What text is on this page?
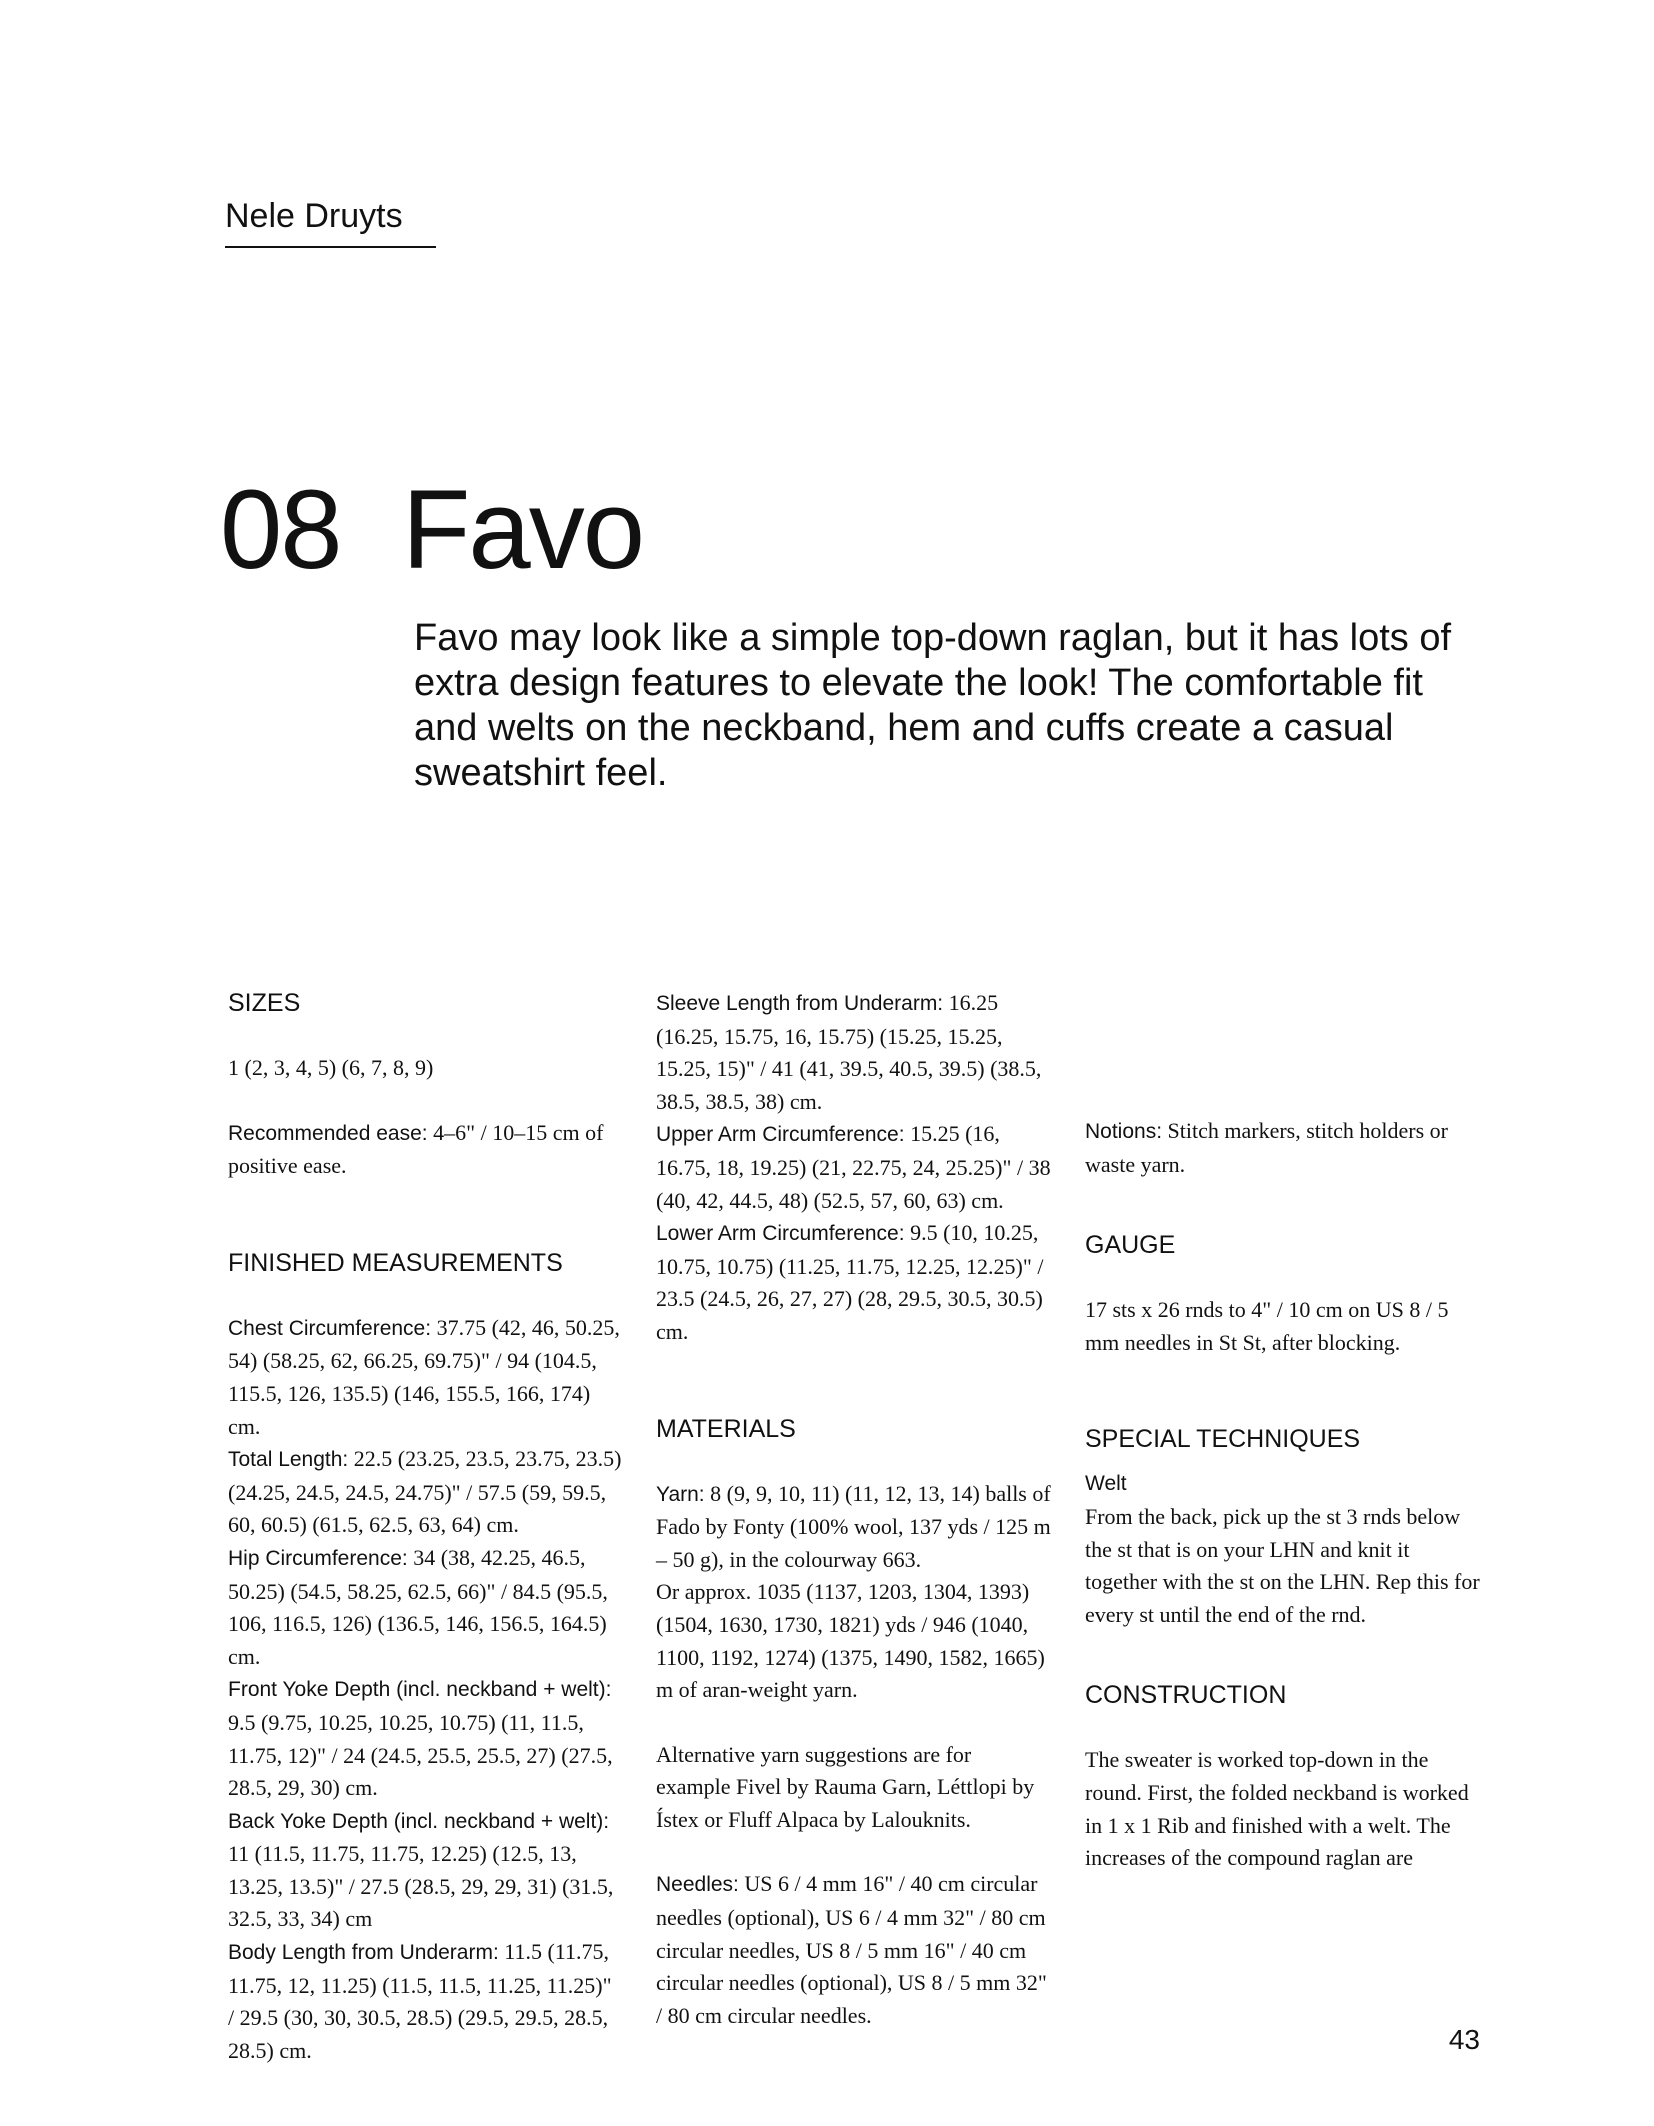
Nele Druyts
08 Favo

Favo may look like a simple top-down raglan, but it has lots of extra design features to elevate the look! The comfortable fit and welts on the neckband, hem and cuffs create a casual sweatshirt feel.

SIZES

1 (2, 3, 4, 5) (6, 7, 8, 9)

Recommended ease: 4–6" / 10–15 cm of positive ease.

FINISHED MEASUREMENTS

Chest Circumference: 37.75 (42, 46, 50.25, 54) (58.25, 62, 66.25, 69.75)" / 94 (104.5, 115.5, 126, 135.5) (146, 155.5, 166, 174) cm.

Total Length: 22.5 (23.25, 23.5, 23.75, 23.5) (24.25, 24.5, 24.5, 24.75)" / 57.5 (59, 59.5, 60, 60.5) (61.5, 62.5, 63, 64) cm.

Hip Circumference: 34 (38, 42.25, 46.5, 50.25) (54.5, 58.25, 62.5, 66)" / 84.5 (95.5, 106, 116.5, 126) (136.5, 146, 156.5, 164.5) cm.

Front Yoke Depth (incl. neckband + welt): 9.5 (9.75, 10.25, 10.25, 10.75) (11, 11.5, 11.75, 12)" / 24 (24.5, 25.5, 25.5, 27) (27.5, 28.5, 29, 30) cm.

Back Yoke Depth (incl. neckband + welt): 11 (11.5, 11.75, 11.75, 12.25) (12.5, 13, 13.25, 13.5)" / 27.5 (28.5, 29, 29, 31) (31.5, 32.5, 33, 34) cm

Body Length from Underarm: 11.5 (11.75, 11.75, 12, 11.25) (11.5, 11.5, 11.25, 11.25)" / 29.5 (30, 30, 30.5, 28.5) (29.5, 29.5, 28.5, 28.5) cm.

Sleeve Length from Underarm: 16.25 (16.25, 15.75, 16, 15.75) (15.25, 15.25, 15.25, 15)" / 41 (41, 39.5, 40.5, 39.5) (38.5, 38.5, 38.5, 38) cm.

Upper Arm Circumference: 15.25 (16, 16.75, 18, 19.25) (21, 22.75, 24, 25.25)" / 38 (40, 42, 44.5, 48) (52.5, 57, 60, 63) cm.

Lower Arm Circumference: 9.5 (10, 10.25, 10.75, 10.75) (11.25, 11.75, 12.25, 12.25)" / 23.5 (24.5, 26, 27, 27) (28, 29.5, 30.5, 30.5) cm.

MATERIALS

Yarn: 8 (9, 9, 10, 11) (11, 12, 13, 14) balls of Fado by Fonty (100% wool, 137 yds / 125 m – 50 g), in the colourway 663.

Or approx. 1035 (1137, 1203, 1304, 1393) (1504, 1630, 1730, 1821) yds / 946 (1040, 1100, 1192, 1274) (1375, 1490, 1582, 1665) m of aran-weight yarn.

Alternative yarn suggestions are for example Fivel by Rauma Garn, Léttlopi by Ístex or Fluff Alpaca by Lalouknits.

Needles: US 6 / 4 mm 16" / 40 cm circular needles (optional), US 6 / 4 mm 32" / 80 cm circular needles, US 8 / 5 mm 16" / 40 cm circular needles (optional), US 8 / 5 mm 32" / 80 cm circular needles.

Notions: Stitch markers, stitch holders or waste yarn.

GAUGE

17 sts x 26 rnds to 4" / 10 cm on US 8 / 5 mm needles in St St, after blocking.

SPECIAL TECHNIQUES

Welt

From the back, pick up the st 3 rnds below the st that is on your LHN and knit it together with the st on the LHN. Rep this for every st until the end of the rnd.

CONSTRUCTION

The sweater is worked top-down in the round. First, the folded neckband is worked in 1 x 1 Rib and finished with a welt. The increases of the compound raglan are

43
